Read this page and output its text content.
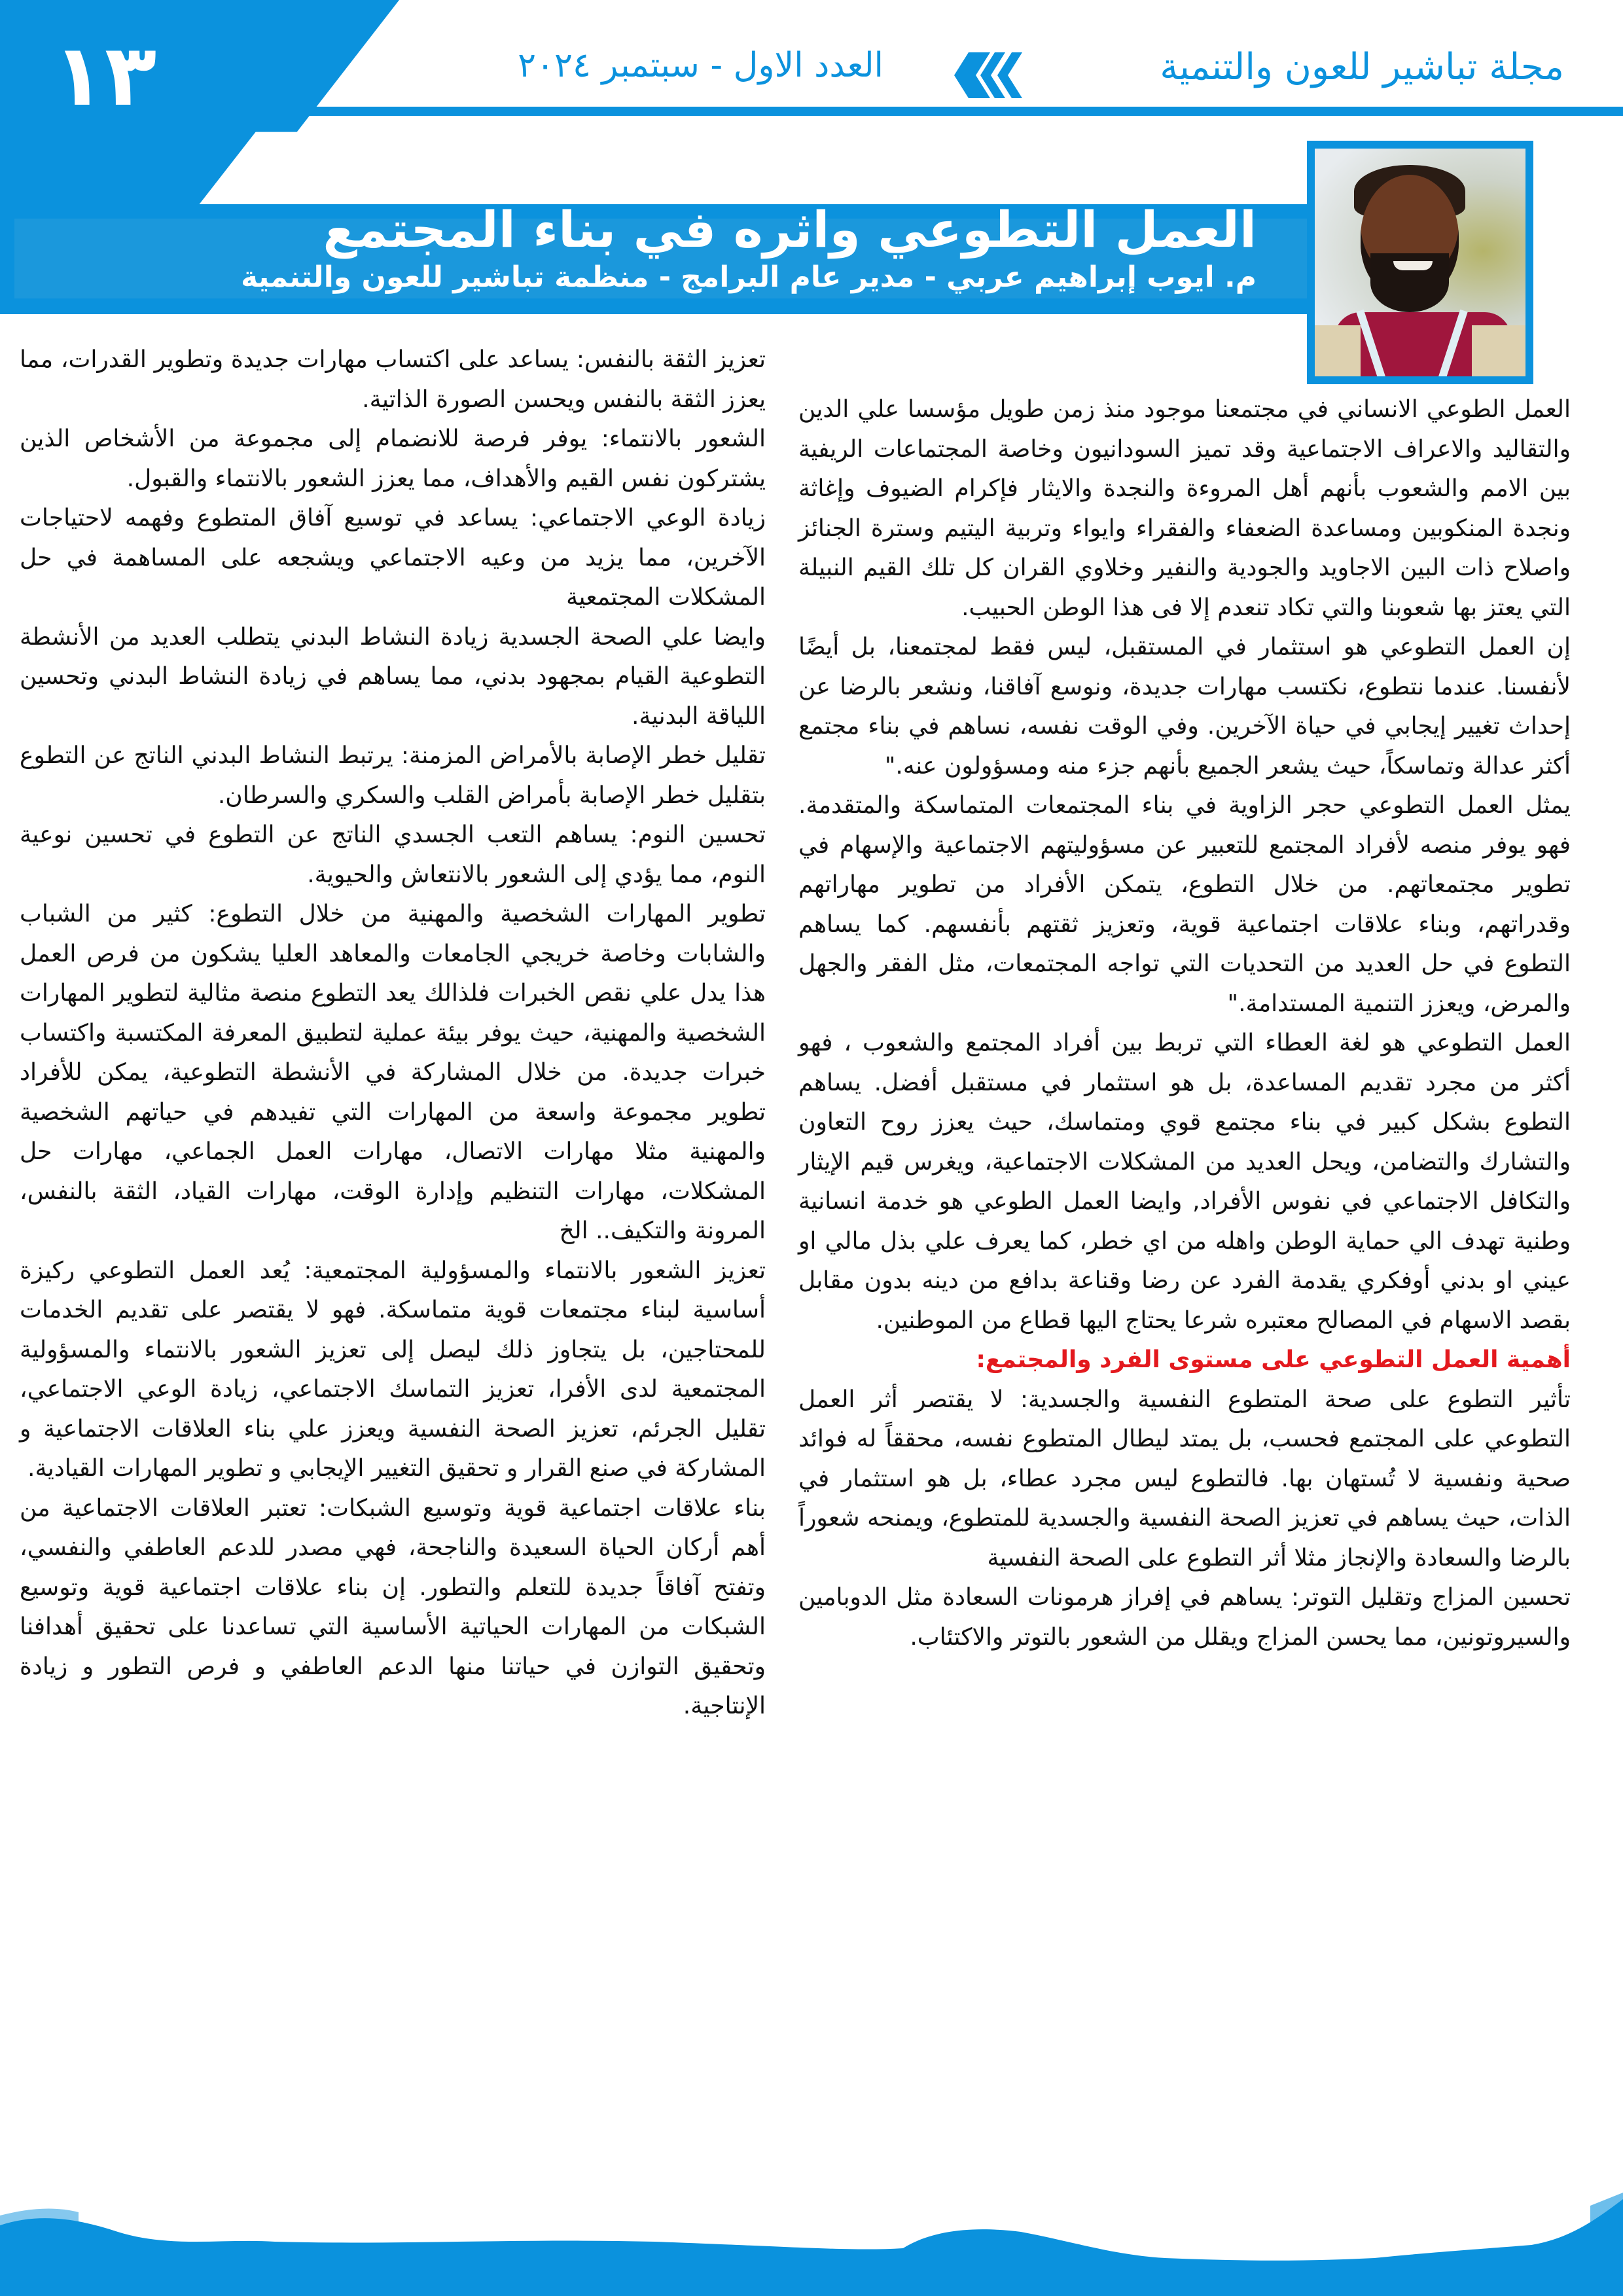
١٣	مجلة تباشير للعون والتنمية
العدد الاول - سبتمبر ٢٠٢٤
العمل التطوعي واثره في بناء المجتمع
م. ايوب إبراهيم عربي - مدير عام البرامج - منظمة تباشير للعون والتنمية

العمل الطوعي الانساني في مجتمعنا موجود منذ زمن طويل مؤسسا علي الدين والتقاليد والاعراف الاجتماعية وقد تميز السودانيون وخاصة المجتماعات الريفية بين الامم والشعوب بأنهم أهل المروءة والنجدة والايثار فإكرام الضيوف وإغاثة ونجدة المنكوبين ومساعدة الضعفاء والفقراء وايواء وتربية اليتيم وسترة الجنائز واصلاح ذات البين الاجاويد والجودية والنفير وخلاوي القران كل تلك القيم النبيلة التي يعتز بها شعوبنا والتي تكاد تنعدم إلا فى هذا الوطن الحبيب.

إن العمل التطوعي هو استثمار في المستقبل، ليس فقط لمجتمعنا، بل أيضًا لأنفسنا. عندما نتطوع، نكتسب مهارات جديدة، ونوسع آفاقنا، ونشعر بالرضا عن إحداث تغيير إيجابي في حياة الآخرين. وفي الوقت نفسه، نساهم في بناء مجتمع أكثر عدالة وتماسكاً، حيث يشعر الجميع بأنهم جزء منه ومسؤولون عنه."

يمثل العمل التطوعي حجر الزاوية في بناء المجتمعات المتماسكة والمتقدمة. فهو يوفر منصه لأفراد المجتمع للتعبير عن مسؤوليتهم الاجتماعية والإسهام في تطوير مجتمعاتهم. من خلال التطوع، يتمكن الأفراد من تطوير مهاراتهم وقدراتهم، وبناء علاقات اجتماعية قوية، وتعزيز ثقتهم بأنفسهم. كما يساهم التطوع في حل العديد من التحديات التي تواجه المجتمعات، مثل الفقر والجهل والمرض، ويعزز التنمية المستدامة."

العمل التطوعي هو لغة العطاء التي تربط بين أفراد المجتمع والشعوب ، فهو أكثر من مجرد تقديم المساعدة، بل هو استثمار في مستقبل أفضل. يساهم التطوع بشكل كبير في بناء مجتمع قوي ومتماسك، حيث يعزز روح التعاون والتشارك والتضامن، ويحل العديد من المشكلات الاجتماعية، ويغرس قيم الإيثار والتكافل الاجتماعي في نفوس الأفراد, وايضا العمل الطوعي هو خدمة انسانية وطنية تهدف الي حماية الوطن واهله من اي خطر، كما يعرف علي بذل مالي او عيني او بدني أوفكري يقدمة الفرد عن رضا وقناعة بدافع من دينه بدون مقابل بقصد الاسهام في المصالح معتبره شرعا يحتاج اليها قطاع من الموطنين.

أهمية العمل التطوعي على مستوى الفرد والمجتمع:

تأثير التطوع على صحة المتطوع النفسية والجسدية: لا يقتصر أثر العمل التطوعي على المجتمع فحسب، بل يمتد ليطال المتطوع نفسه، محققاً له فوائد صحية ونفسية لا تُستهان بها. فالتطوع ليس مجرد عطاء، بل هو استثمار في الذات، حيث يساهم في تعزيز الصحة النفسية والجسدية للمتطوع، ويمنحه شعوراً بالرضا والسعادة والإنجاز مثلا أثر التطوع على الصحة النفسية

تحسين المزاج وتقليل التوتر: يساهم في إفراز هرمونات السعادة مثل الدوبامين والسيروتونين، مما يحسن المزاج ويقلل من الشعور بالتوتر والاكتئاب.

تعزيز الثقة بالنفس: يساعد على اكتساب مهارات جديدة وتطوير القدرات، مما يعزز الثقة بالنفس ويحسن الصورة الذاتية.

الشعور بالانتماء: يوفر فرصة للانضمام إلى مجموعة من الأشخاص الذين يشتركون نفس القيم والأهداف، مما يعزز الشعور بالانتماء والقبول.

زيادة الوعي الاجتماعي: يساعد في توسيع آفاق المتطوع وفهمه لاحتياجات الآخرين، مما يزيد من وعيه الاجتماعي ويشجعه على المساهمة في حل المشكلات المجتمعية

وايضا علي الصحة الجسدية زيادة النشاط البدني يتطلب العديد من الأنشطة التطوعية القيام بمجهود بدني، مما يساهم في زيادة النشاط البدني وتحسين اللياقة البدنية.

تقليل خطر الإصابة بالأمراض المزمنة: يرتبط النشاط البدني الناتج عن التطوع بتقليل خطر الإصابة بأمراض القلب والسكري والسرطان.

تحسين النوم: يساهم التعب الجسدي الناتج عن التطوع في تحسين نوعية النوم، مما يؤدي إلى الشعور بالانتعاش والحيوية.

تطوير المهارات الشخصية والمهنية من خلال التطوع: كثير من الشباب والشابات وخاصة خريجي الجامعات والمعاهد العليا يشكون من فرص العمل هذا يدل علي نقص الخبرات فلذالك يعد التطوع منصة مثالية لتطوير المهارات الشخصية والمهنية، حيث يوفر بيئة عملية لتطبيق المعرفة المكتسبة واكتساب خبرات جديدة. من خلال المشاركة في الأنشطة التطوعية، يمكن للأفراد تطوير مجموعة واسعة من المهارات التي تفيدهم في حياتهم الشخصية والمهنية مثلا مهارات الاتصال، مهارات العمل الجماعي، مهارات حل المشكلات، مهارات التنظيم وإدارة الوقت، مهارات القياد، الثقة بالنفس، المرونة والتكيف.. الخ

تعزيز الشعور بالانتماء والمسؤولية المجتمعية: يُعد العمل التطوعي ركيزة أساسية لبناء مجتمعات قوية متماسكة. فهو لا يقتصر على تقديم الخدمات للمحتاجين، بل يتجاوز ذلك ليصل إلى تعزيز الشعور بالانتماء والمسؤولية المجتمعية لدى الأفرا، تعزيز التماسك الاجتماعي، زيادة الوعي الاجتماعي، تقليل الجرئم، تعزيز الصحة النفسية ويعزز علي بناء العلاقات الاجتماعية و المشاركة في صنع القرار و تحقيق التغيير الإيجابي و تطوير المهارات القيادية.

بناء علاقات اجتماعية قوية وتوسيع الشبكات: تعتبر العلاقات الاجتماعية من أهم أركان الحياة السعيدة والناجحة، فهي مصدر للدعم العاطفي والنفسي، وتفتح آفاقاً جديدة للتعلم والتطور. إن بناء علاقات اجتماعية قوية وتوسيع الشبكات من المهارات الحياتية الأساسية التي تساعدنا على تحقيق أهدافنا وتحقيق التوازن في حياتنا منها الدعم العاطفي و فرص التطور و زيادة الإنتاجية.
